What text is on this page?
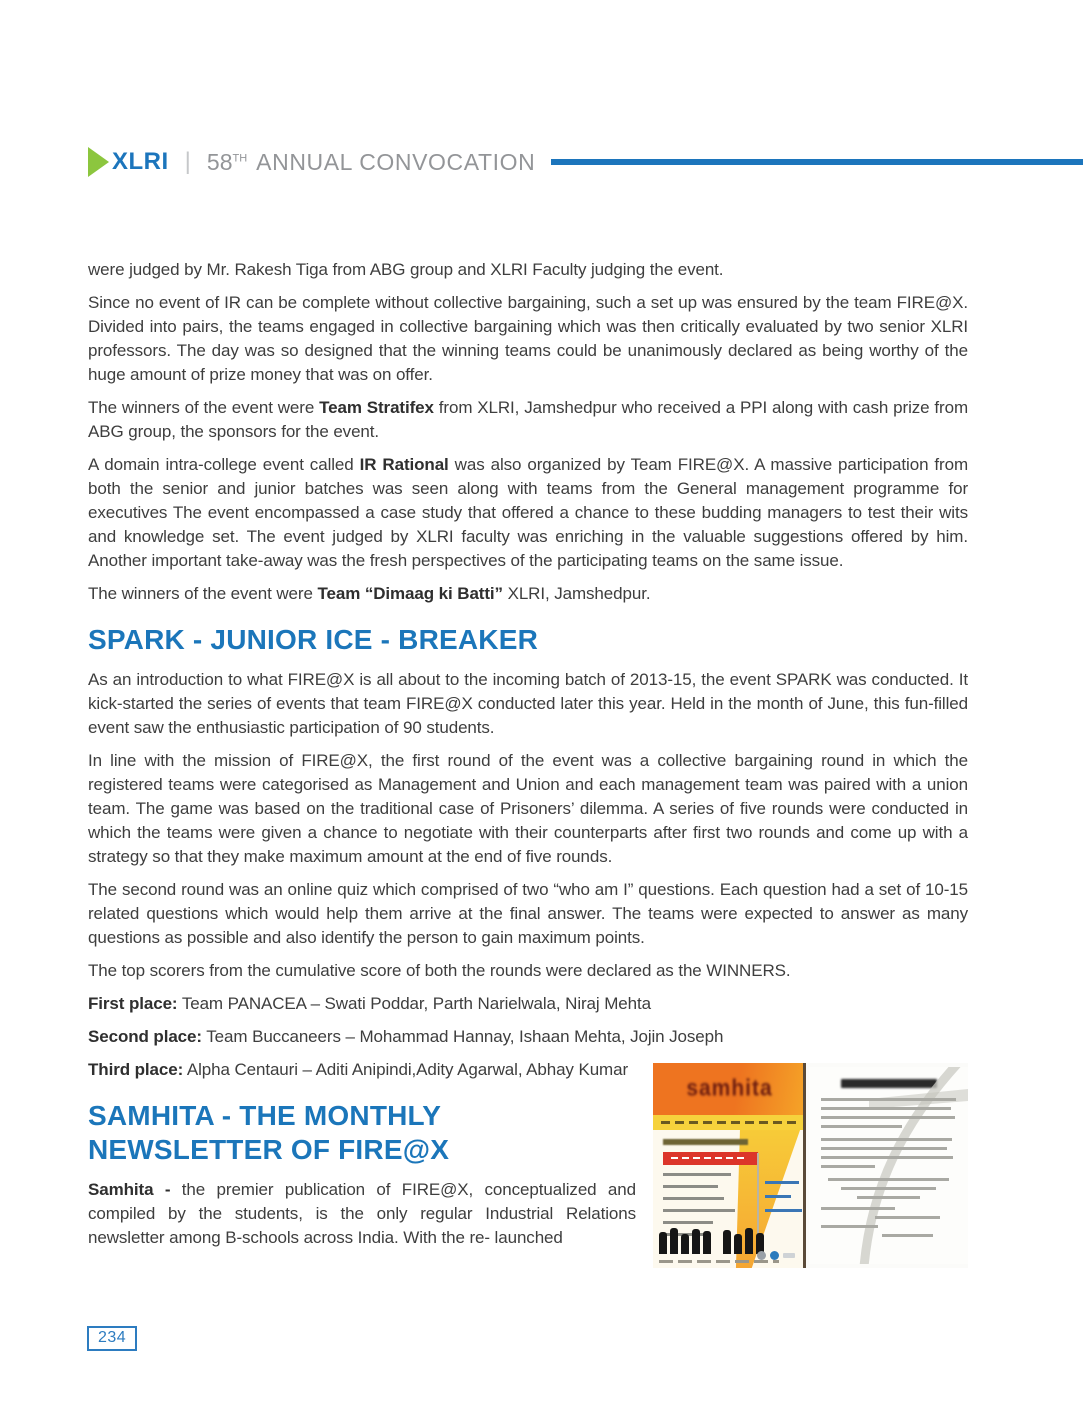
XLRI | 58TH ANNUAL CONVOCATION

were judged by Mr. Rakesh Tiga from ABG group and XLRI Faculty judging the event.

Since no event of IR can be complete without collective bargaining, such a set up was ensured by the team FIRE@X. Divided into pairs, the teams engaged in collective bargaining which was then critically evaluated by two senior XLRI professors. The day was so designed that the winning teams could be unanimously declared as being worthy of the huge amount of prize money that was on offer.

The winners of the event were Team Stratifex from XLRI, Jamshedpur who received a PPI along with cash prize from ABG group, the sponsors for the event.

A domain intra-college event called IR Rational was also organized by Team FIRE@X. A massive participation from both the senior and junior batches was seen along with teams from the General management programme for executives The event encompassed a case study that offered a chance to these budding managers to test their wits and knowledge set. The event judged by XLRI faculty was enriching in the valuable suggestions offered by him. Another important take-away was the fresh perspectives of the participating teams on the same issue.

The winners of the event were Team “Dimaag ki Batti” XLRI, Jamshedpur.

SPARK - JUNIOR ICE - BREAKER

As an introduction to what FIRE@X is all about to the incoming batch of 2013-15, the event SPARK was conducted. It kick-started the series of events that team FIRE@X conducted later this year. Held in the month of June, this fun-filled event saw the enthusiastic participation of 90 students.

In line with the mission of FIRE@X, the first round of the event was a collective bargaining round in which the registered teams were categorised as Management and Union and each management team was paired with a union team. The game was based on the traditional case of Prisoners’ dilemma. A series of five rounds were conducted in which the teams were given a chance to negotiate with their counterparts after first two rounds and come up with a strategy so that they make maximum amount at the end of five rounds.

The second round was an online quiz which comprised of two “who am I” questions. Each question had a set of 10-15 related questions which would help them arrive at the final answer. The teams were expected to answer as many questions as possible and also identify the person to gain maximum points.

The top scorers from the cumulative score of both the rounds were declared as the WINNERS.

First place: Team PANACEA – Swati Poddar, Parth Narielwala, Niraj Mehta

Second place: Team Buccaneers – Mohammad Hannay, Ishaan Mehta, Jojin Joseph

samhita

Third place: Alpha Centauri – Aditi Anipindi,Adity Agarwal, Abhay Kumar

SAMHITA - THE MONTHLY NEWSLETTER OF FIRE@X

Samhita - the premier publication of FIRE@X, conceptualized and compiled by the students, is the only regular Industrial Relations newsletter among B-schools across India. With the re- launched

234
